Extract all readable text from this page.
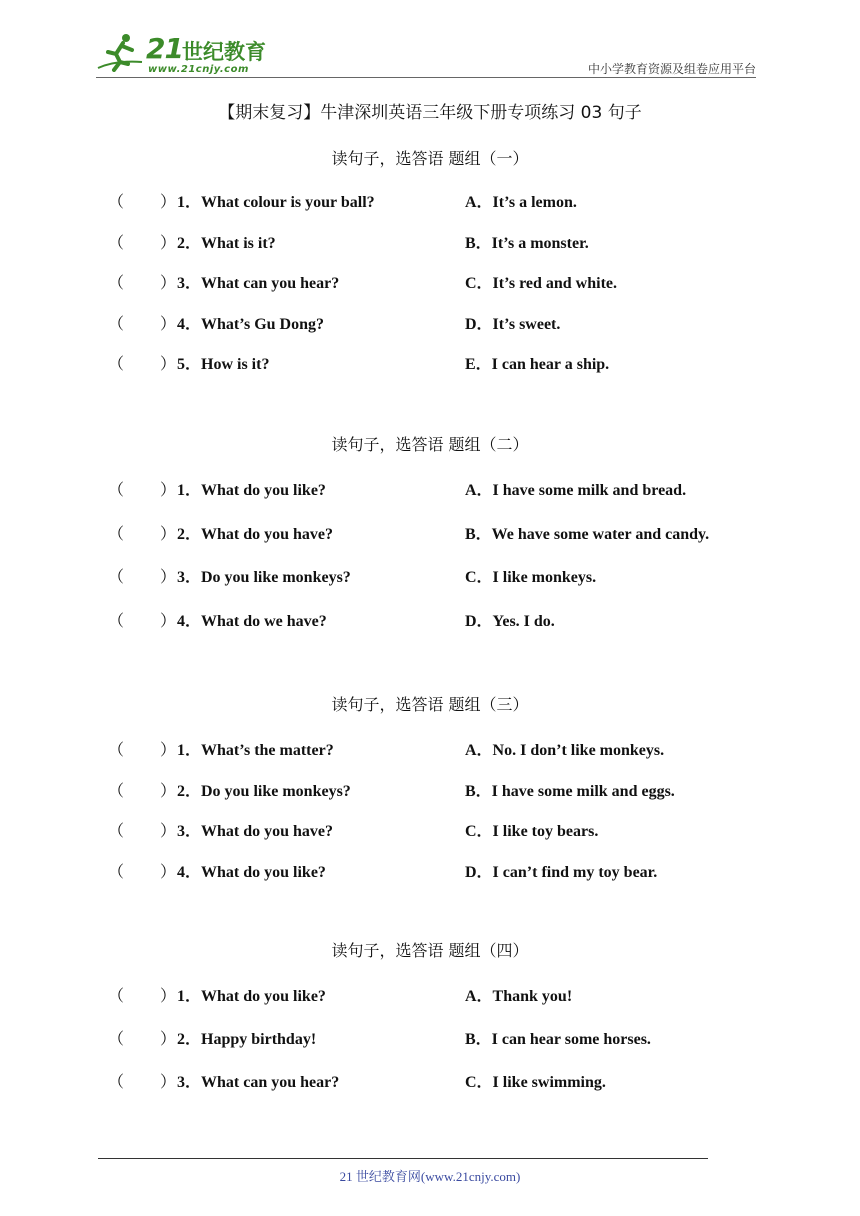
21 世纪教育
www.21cnjy.com	中小学教育资源及组卷应用平台
【期末复习】牛津深圳英语三年级下册专项练习 03 句子
读句子，选答语 题组（一）
（ ） 1．What colour is your ball?	A．It’s a lemon.
（ ） 2．What is it?	B．It’s a monster.
（ ） 3．What can you hear?	C．It’s red and white.
（ ） 4．What’s Gu Dong?	D．It’s sweet.
（ ） 5．How is it?	E．I can hear a ship.
读句子，选答语 题组（二）
（ ） 1．What do you like?	A．I have some milk and bread.
（ ） 2．What do you have?	B．We have some water and candy.
（ ） 3．Do you like monkeys?	C．I like monkeys.
（ ） 4．What do we have?	D．Yes. I do.
读句子，选答语 题组（三）
（ ） 1．What’s the matter?	A．No. I don’t like monkeys.
（ ） 2．Do you like monkeys?	B．I have some milk and eggs.
（ ） 3．What do you have?	C．I like toy bears.
（ ） 4．What do you like?	D．I can’t find my toy bear.
读句子，选答语 题组（四）
（ ） 1．What do you like?	A．Thank you!
（ ） 2．Happy birthday!	B．I can hear some horses.
（ ） 3．What can you hear?	C．I like swimming.
21 世纪教育网(www.21cnjy.com)
